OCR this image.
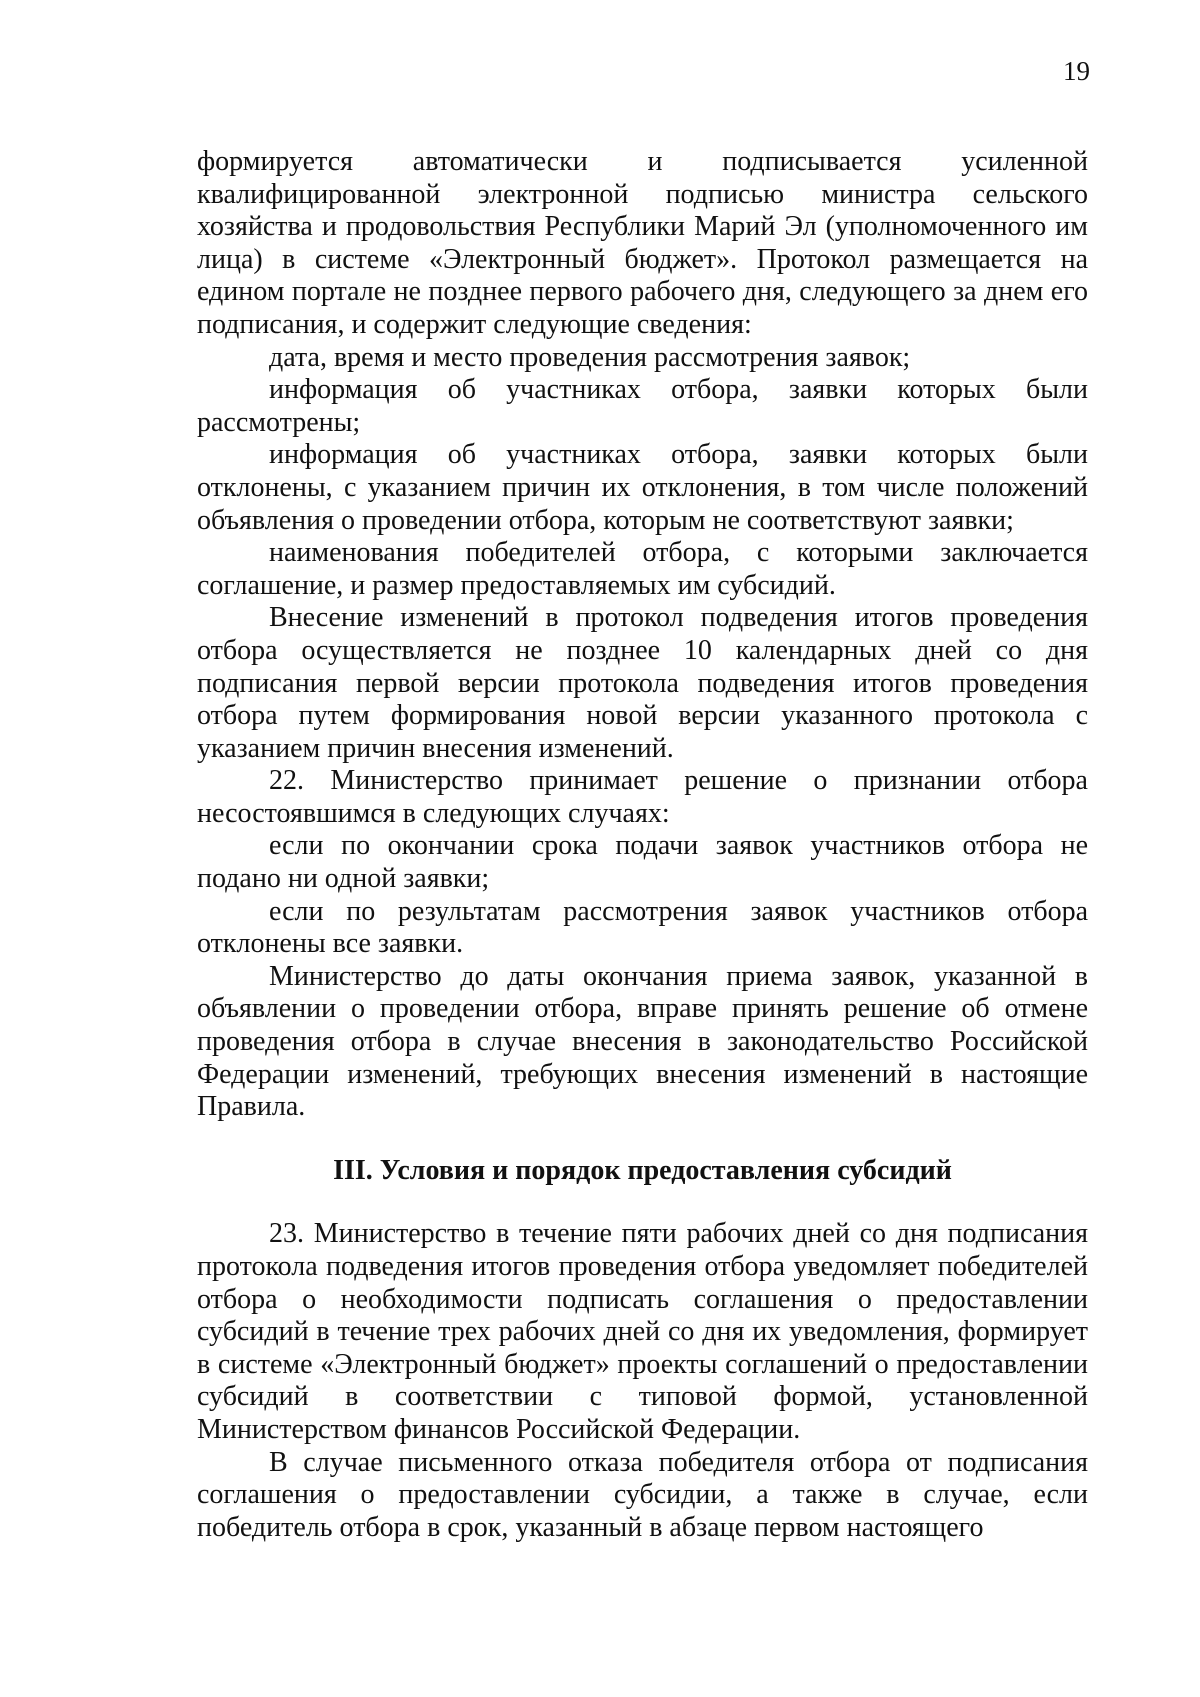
19

формируется автоматически и подписывается усиленной квалифицированной электронной подписью министра сельского хозяйства и продовольствия Республики Марий Эл (уполномоченного им лица) в системе «Электронный бюджет». Протокол размещается на едином портале не позднее первого рабочего дня, следующего за днем его подписания, и содержит следующие сведения:

дата, время и место проведения рассмотрения заявок;

информация об участниках отбора, заявки которых были рассмотрены;

информация об участниках отбора, заявки которых были отклонены, с указанием причин их отклонения, в том числе положений объявления о проведении отбора, которым не соответствуют заявки;

наименования победителей отбора, с которыми заключается соглашение, и размер предоставляемых им субсидий.

Внесение изменений в протокол подведения итогов проведения отбора осуществляется не позднее 10 календарных дней со дня подписания первой версии протокола подведения итогов проведения отбора путем формирования новой версии указанного протокола с указанием причин внесения изменений.

22. Министерство принимает решение о признании отбора несостоявшимся в следующих случаях:

если по окончании срока подачи заявок участников отбора не подано ни одной заявки;

если по результатам рассмотрения заявок участников отбора отклонены все заявки.

Министерство до даты окончания приема заявок, указанной в объявлении о проведении отбора, вправе принять решение об отмене проведения отбора в случае внесения в законодательство Российской Федерации изменений, требующих внесения изменений в настоящие Правила.

III. Условия и порядок предоставления субсидий

23. Министерство в течение пяти рабочих дней со дня подписания протокола подведения итогов проведения отбора уведомляет победителей отбора о необходимости подписать соглашения о предоставлении субсидий в течение трех рабочих дней со дня их уведомления, формирует в системе «Электронный бюджет» проекты соглашений о предоставлении субсидий в соответствии с типовой формой, установленной Министерством финансов Российской Федерации.

В случае письменного отказа победителя отбора от подписания соглашения о предоставлении субсидии, а также в случае, если победитель отбора в срок, указанный в абзаце первом настоящего
